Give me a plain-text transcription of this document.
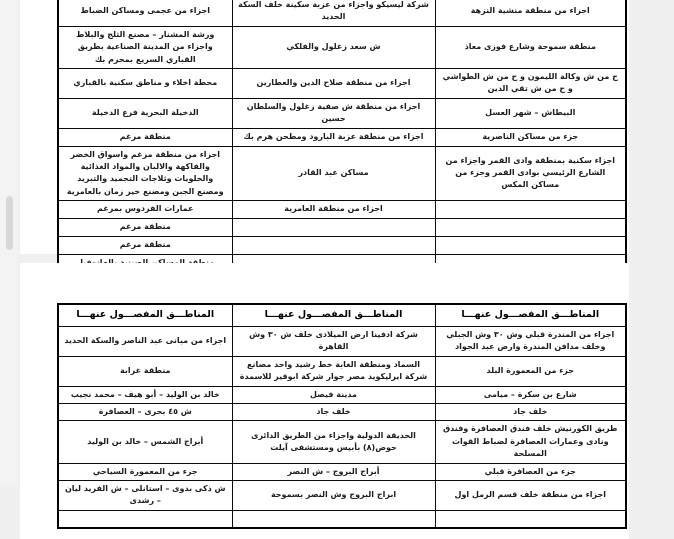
اجزاء من منطقة منشية النزهة	شركة ليسيكو واجزاء من عزبة سكينة خلف السكة الحديد	اجزاء من عجمى ومساكن الضباط
منطقة سموحة وشارع فوزى معاذ	ش سعد زغلول والفلكي	ورشة المشنار – مصنع الثلج والبلاط واجزاء من المدينة الصناعية بطريق القباري السريع بمحرم بك
ح من ش وكالة الليمون و ح من ش الطواشي و ح من ش تقي الدين	اجزاء من منطقة صلاح الدين والعطارين	محطة اخلاء و مناطق سكنية بالقباري
البيطاش – شهر العسل	اجزاء من منطقة ش صفية زغلول والسلطان حسين	الدخيلة البحرية فرع الدخيلة
جزء من مساكن الناصرية	اجزاء من منطقة عزبة البارود ومطحن هرم بك	منطقة مرغم
اجزاء سكنية بمنطقة وادى القمر واجزاء من الشارع الرئيسي بوادى القمر وجزء من مساكن المكس	مساكن عبد القادر	اجزاء من منطقة مرغم واسواق الخضر والفاكهة والالبان والمواد الغذائية والحلويات وثلاجات التجميد والتبريد ومصنع الجبن ومصنع خير زمان بالعامرية
	اجزاء من منطقة العامرية	عمارات الفردوس بمرغم
		منطقة مرغم
		منطقة مرغم

المناطـــق المفصـــول عنهـــا	المناطـــق المفصـــول عنهـــا	المناطـــق المفصـــول عنهـــا
اجزاء من المندرة قبلي وش ٣٠ وش الجبلي وخلف مدافن المندرة وارض عبد الجواد	شركة ادفينا ارض الميلادى خلف ش ٣٠ وش القاهرة	اجزاء من مبانى عبد الناصر والسكة الحديد
جزء من المعمورة البلد	السماد ومنطقة الغابة خط رشيد واحد مصانع شركة ايرليكويد مصر جوار شركة ابوقير للاسمدة	منطقة غرابة
شارع بن سكرة – ميامى	مدينة فيصل	خالد بن الوليد – أبو هيف – محمد نجيب
خلف جاد	خلف جاد	ش ٤٥ بحرى – العصافرة
طريق الكورنيش خلف فندق العصافرة وفندق ونادى وعمارات العصافرة لضباط القوات المسلحة	الحديقة الدولية واجزاء من الطريق الدائرى حوض(٨) بأبيس ومستشفى آيلت	أبراج الشمس – خالد بن الوليد
جزء من العصافرة قبلي	أبراج البروج – ش النصر	جزء من المعمورة السياحي
اجزاء من منطقة خلف قسم الرمل اول	ابراج البروج وش النصر بسموحة	ش ذكى بدوى – استانلى – ش الفريد ليان – رشدى
